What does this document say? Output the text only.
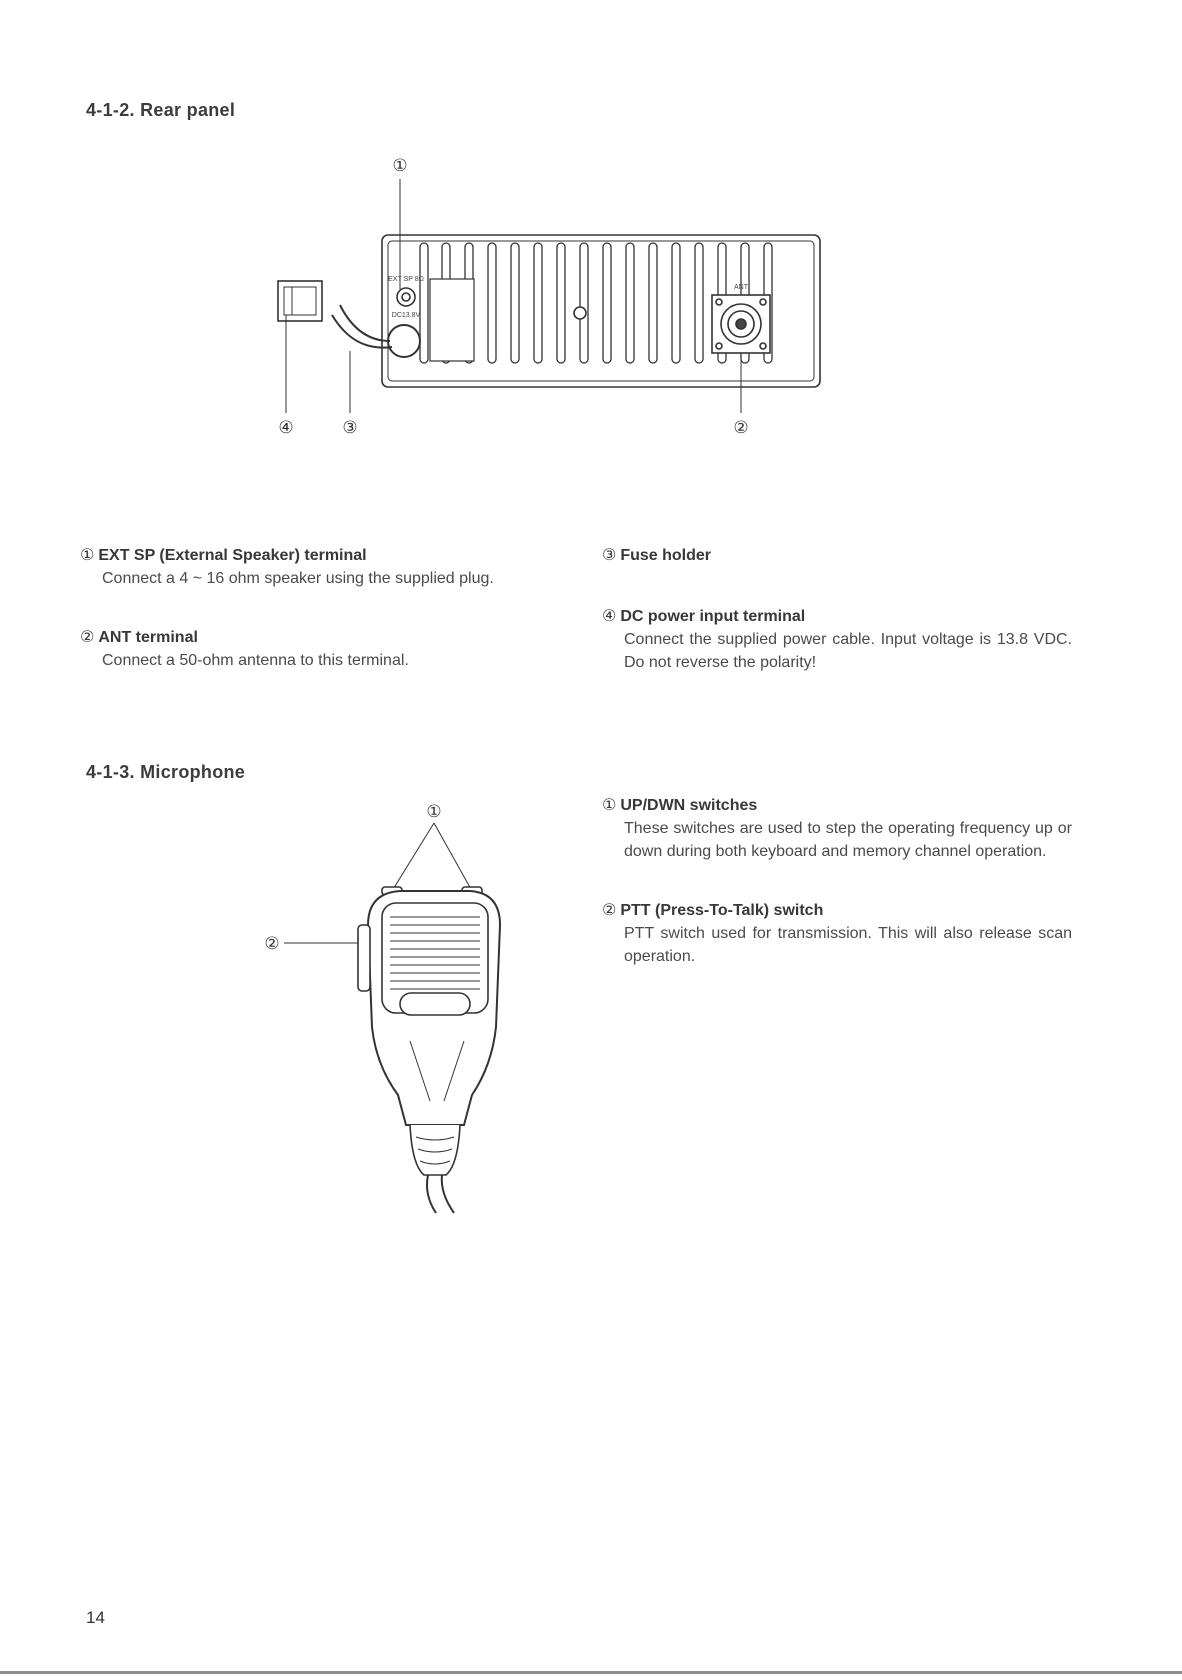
4-1-2. Rear panel
①
④	③	②
EXT SP 8Ω
DC13.8V
ANT
① EXT SP (External Speaker) terminal
Connect a 4 ~ 16 ohm speaker using the supplied plug.
② ANT terminal
Connect a 50-ohm antenna to this terminal.
③ Fuse holder
④ DC power input terminal
Connect the supplied power cable. Input voltage is 13.8 VDC. Do not reverse the polarity!
4-1-3. Microphone
①
②
① UP/DWN switches
These switches are used to step the operating frequency up or down during both keyboard and memory channel operation.
② PTT (Press-To-Talk) switch
PTT switch used for transmission. This will also release scan operation.
14
